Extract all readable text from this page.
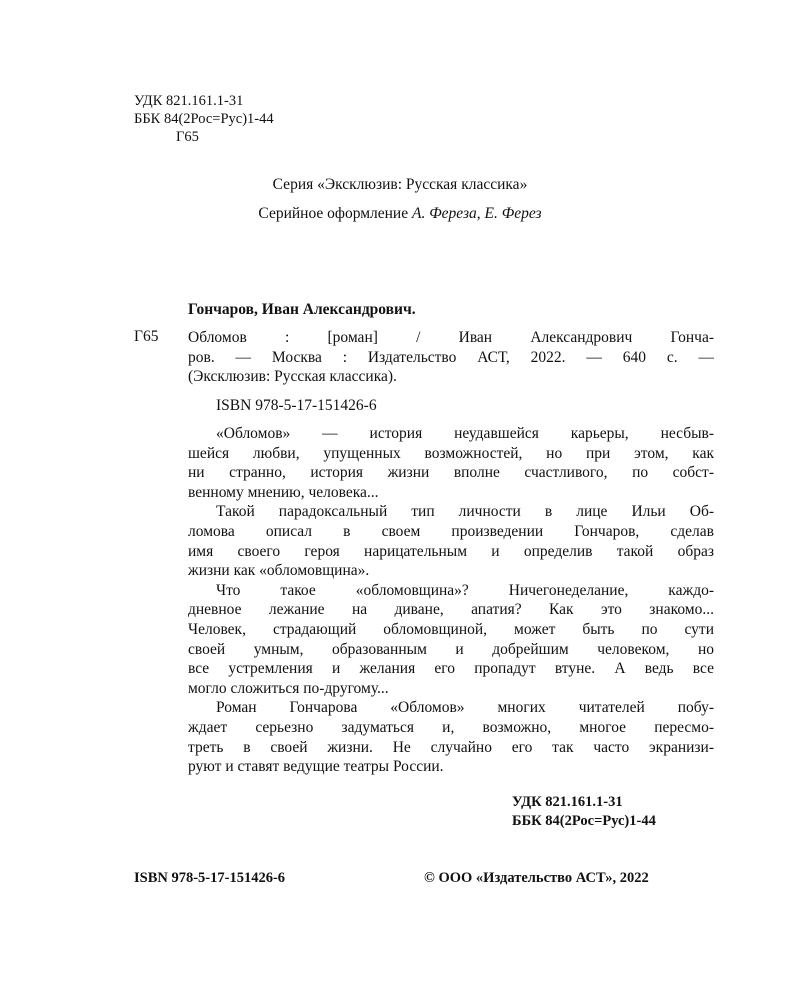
УДК 821.161.1-31
ББК 84(2Рос=Рус)1-44
Г65
Серия «Эксклюзив: Русская классика»
Серийное оформление А. Фереза, Е. Ферез
Гончаров, Иван Александрович.
Г65 Обломов : [роман] / Иван Александрович Гонча-
ров. — Москва : Издательство АСТ, 2022. — 640 с. —
(Эксклюзив: Русская классика).
ISBN 978-5-17-151426-6
«Обломов» — история неудавшейся карьеры, несбыв-
шейся любви, упущенных возможностей, но при этом, как
ни странно, история жизни вполне счастливого, по собст-
венному мнению, человека...
Такой парадоксальный тип личности в лице Ильи Об-
ломова описал в своем произведении Гончаров, сделав
имя своего героя нарицательным и определив такой образ
жизни как «обломовщина».
Что такое «обломовщина»? Ничегонеделание, каждо-
дневное лежание на диване, апатия? Как это знакомо...
Человек, страдающий обломовщиной, может быть по сути
своей умным, образованным и добрейшим человеком, но
все устремления и желания его пропадут втуне. А ведь все
могло сложиться по-другому...
Роман Гончарова «Обломов» многих читателей побу-
ждает серьезно задуматься и, возможно, многое пересмо-
треть в своей жизни. Не случайно его так часто экранизи-
руют и ставят ведущие театры России.
УДК 821.161.1-31
ББК 84(2Рос=Рус)1-44
ISBN 978-5-17-151426-6	© ООО «Издательство АСТ», 2022
